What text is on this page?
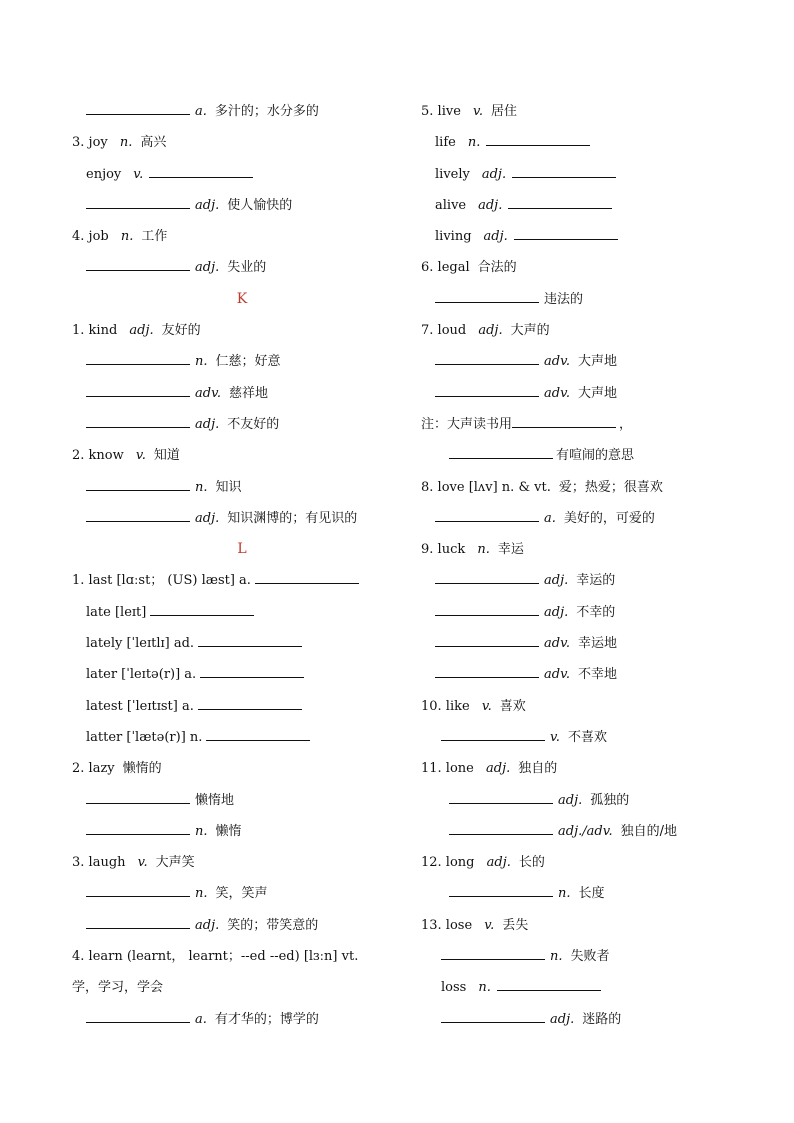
a. 多汁的；水分多的
3. joy n. 高兴
enjoy v.
adj. 使人愉快的
4. job n. 工作
adj. 失业的
K
1. kind adj. 友好的
n. 仁慈；好意
adv. 慈祥地
adj. 不友好的
2. know v. 知道
n. 知识
adj. 知识渊博的；有见识的
L
1. last [lɑːst； (US) læst] a.
late [leɪt]
lately [ˈleɪtlɪ] ad.
later [ˈleɪtə(r)] a.
latest [ˈleɪtɪst] a.
latter [ˈlætə(r)] n.
2. lazy 懒惰的
懒惰地
n. 懒惰
3. laugh v. 大声笑
n. 笑，笑声
adj. 笑的；带笑意的
4. learn (learnt， learnt；--ed --ed) [lɜːn] vt. 学，学习，学会
a. 有才华的；博学的
5. live v. 居住
life n.
lively adj.
alive adj.
living adj.
6. legal 合法的
违法的
7. loud adj. 大声的
adv. 大声地
adv. 大声地
注：大声读书用	，
有喧闹的意思
8. love [lʌv] n. & vt. 爱；热爱；很喜欢
a. 美好的，可爱的
9. luck n. 幸运
adj. 幸运的
adj. 不幸的
adv. 幸运地
adv. 不幸地
10. like v. 喜欢
v. 不喜欢
11. lone adj. 独自的
adj. 孤独的
adj./adv. 独自的/地
12. long adj. 长的
n. 长度
13. lose v. 丢失
n. 失败者
loss n.
adj. 迷路的
